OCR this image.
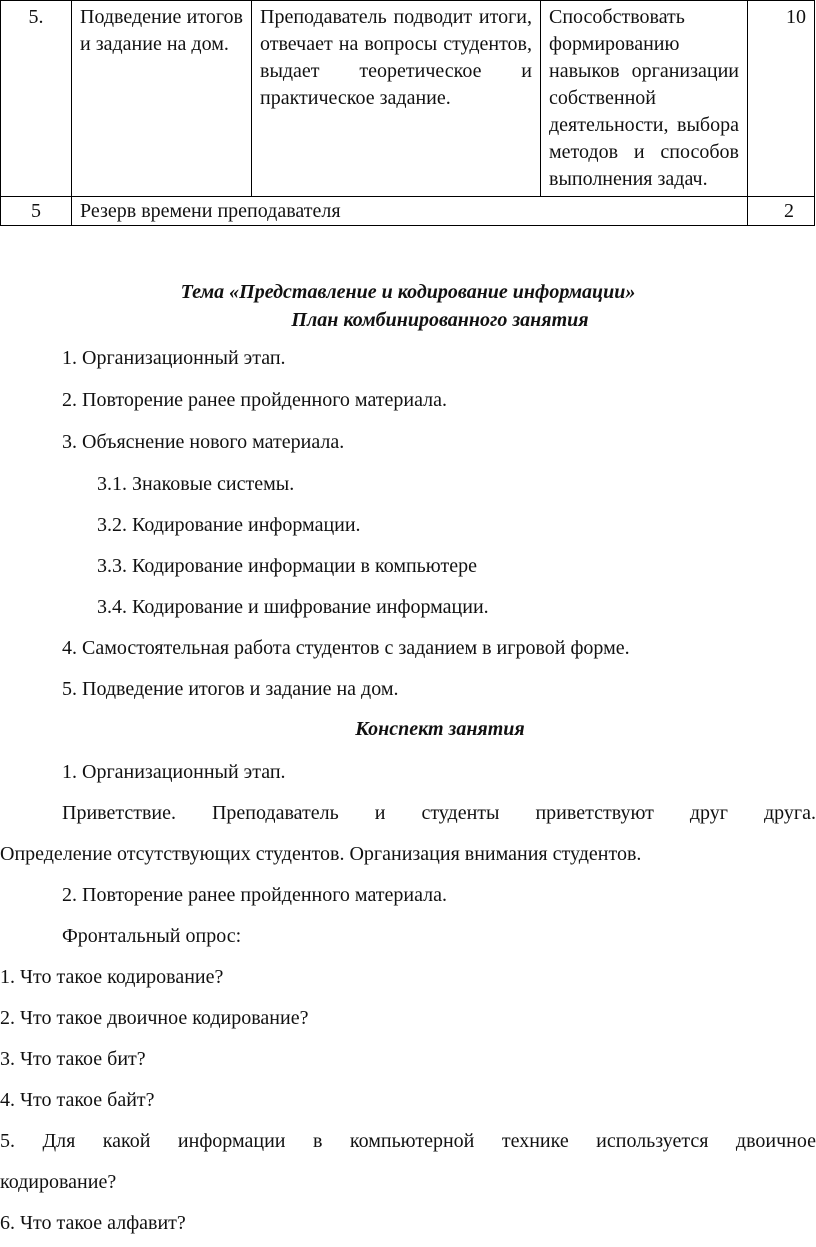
5.	Подведение итогов и задание на дом.	Преподаватель подводит итоги, отвечает на вопросы студентов, выдает теоретическое и практическое задание.	Способствовать формированию навыков организации собственной деятельности, выбора методов и способов выполнения задач.	10
5	Резерв времени преподавателя			2
Тема «Представление и кодирование информации»
План комбинированного занятия
1. Организационный этап.
2. Повторение ранее пройденного материала.
3. Объяснение нового материала.
3.1. Знаковые системы.
3.2. Кодирование информации.
3.3. Кодирование информации в компьютере
3.4. Кодирование и шифрование информации.
4. Самостоятельная работа студентов с заданием в игровой форме.
5. Подведение итогов и задание на дом.
Конспект занятия
1. Организационный этап.
Приветствие. Преподаватель и студенты приветствуют друг друга.
Определение отсутствующих студентов. Организация внимания студентов.
2. Повторение ранее пройденного материала.
Фронтальный опрос:
1. Что такое кодирование?
2. Что такое двоичное кодирование?
3. Что такое бит?
4. Что такое байт?
5. Для какой информации в компьютерной технике используется двоичное
кодирование?
6. Что такое алфавит?
